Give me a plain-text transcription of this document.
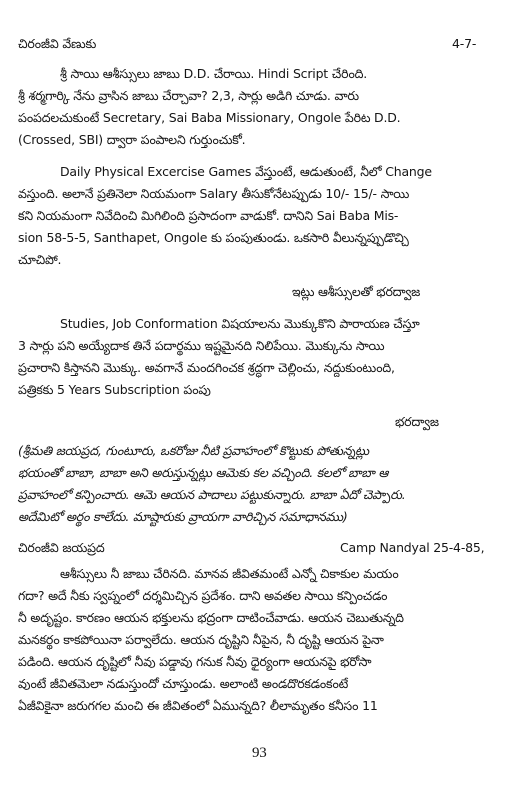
చిరంజీవి వేణుకు	4-7-
శ్రీ సాయి ఆశీస్సులు జాబు D.D. చేరాయి. Hindi Script చేరింది.
శ్రీ శర్మగార్కి నేను వ్రాసిన జాబు చేర్చావా? 2,3, సార్లు అడిగి చూడు. వారు
పంపదలచుకుంటే Secretary, Sai Baba Missionary, Ongole పేరిట D.D.
(Crossed, SBI) ద్వారా పంపాలని గుర్తుంచుకో.
Daily Physical Excercise Games వేస్తుంటే, ఆడుతుంటే, నీలో Change
వస్తుంది. అలానే ప్రతినెలా నియమంగా Salary తీసుకోనేటప్పుడు 10/- 15/- సాయి
కని నియమంగా నివేదించి మిగిలింది ప్రసాదంగా వాడుకో. దానిని Sai Baba Mis-
sion 58-5-5, Santhapet, Ongole కు పంపుతుండు. ఒకసారి వీలున్నప్పుడొచ్చి
చూచిపో.
ఇట్లు ఆశీస్సులతో భరద్వాజ
Studies, Job Conformation విషయాలను మొక్కుకొని పారాయణ చేస్తూ
3 సార్లు పని అయ్యేదాక తినే పదార్థము ఇష్టమైనది నిలిపేయి. మొక్కును సాయి
ప్రచారాని కిస్తానని మొక్కు. అవగానే మందగించక శ్రద్ధగా చెల్లించు, నద్దుకుంటుంది,
పత్రికకు 5 Years Subscription పంపు
భరద్వాజ
(శ్రీమతి జయప్రద, గుంటూరు, ఒకరోజు నీటి ప్రవాహంలో కొట్టుకు పోతున్నట్లు
భయంతో బాబా, బాబా అని అరుస్తున్నట్లు ఆమెకు కల వచ్చింది. కలలో బాబా ఆ
ప్రవాహంలో కన్పించారు. ఆమె ఆయన పాదాలు పట్టుకున్నారు. బాబా ఏదో చెప్పారు.
అదేమిటో అర్థం కాలేదు. మాష్టారుకు వ్రాయగా వారిచ్చిన సమాధానము)
చిరంజీవి జయప్రద	Camp Nandyal 25-4-85,
ఆశీస్సులు నీ జాబు చేరినది. మానవ జీవితమంటే ఎన్నో చికాకుల మయం
గదా? అదే నీకు స్వప్నంలో దర్శమిచ్చిన ప్రదేశం. దాని అవతల సాయి కన్పించడం
నీ అదృష్టం. కారణం ఆయన భక్తులను భద్రంగా దాటించేవాడు. ఆయన చెబుతున్నది
మనకర్థం కాకపోయినా పర్వాలేదు. ఆయన దృష్టిని నీపైన, నీ దృష్టి ఆయన పైనా
పడింది. ఆయన దృష్టిలో నీవు పడ్డావు గనుక నీవు ధైర్యంగా ఆయనపై భరోసా
వుంటే జీవితమెలా నడుస్తుందో చూస్తుండు. అలాంటి అండదొరకడంకంటే
ఏజీవికైనా జరుగగల మంచి ఈ జీవితంలో ఏమున్నది? లీలామృతం కనీసం 11
93
